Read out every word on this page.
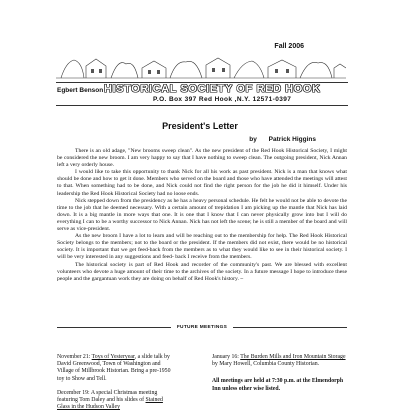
Fall 2006
Egbert Benson HISTORICAL SOCIETY OF RED HOOK
P.O. Box 397 Red Hook ,N.Y. 12571-0397
President's Letter
by Patrick Higgins

There is an old adage, "New brooms sweep clean". As the new president of the Red Hook Historical Society, I might be considered the new broom. I am very happy to say that I have nothing to sweep clean. The outgoing president, Nick Annan left a very orderly house.

I would like to take this opportunity to thank Nick for all his work as past president. Nick is a man that knows what should be done and how to get it done. Members who served on the board and those who have attended the meetings will attest to that. When something had to be done, and Nick could not find the right person for the job he did it himself. Under his leadership the Red Hook Historical Society had no loose ends.

Nick stepped down from the presidency as he has a heavy personal schedule. He felt he would not be able to devote the time to the job that he deemed necessary. With a certain amount of trepidation I am picking up the mantle that Nick has laid down. It is a big mantle in more ways that one. It is one that I know that I can never physically grow into but I will do everything I can to be a worthy successor to Nick Annan. Nick has not left the scene; he is still a member of the board and will serve as vice-president.

As the new broom I have a lot to learn and will be reaching out to the membership for help. The Red Hook Historical Society belongs to the members; not to the board or the president. If the members did not exist, there would be no historical society. It is important that we get feed-back from the members as to what they would like to see in their historical society. I will be very interested in any suggestions and feed- back I receive from the members.

The historical society is part of Red Hook and recorder of the community's past. We are blessed with excellent volunteers who devote a huge amount of their time to the archives of the society. In a future message I hope to introduce these people and the gargantuan work they are doing on behalf of Red Hook's history. ~

FUTURE MEETINGS

November 21: Toys of Yesteryear, a slide talk by David Greenwood, Town of Washington and Village of Millbrook Historian. Bring a pre-1950 toy to Show and Tell.

December 19: A special Christmas meeting featuring Tom Daley and his slides of Stained Glass in the Hudson Valley

January 16: The Burden Mills and Iron Mountain Storage by Mary Howell, Columbia County Historian.

All meetings are held at 7:30 p.m. at the Elmendorph Inn unless other wise listed.
